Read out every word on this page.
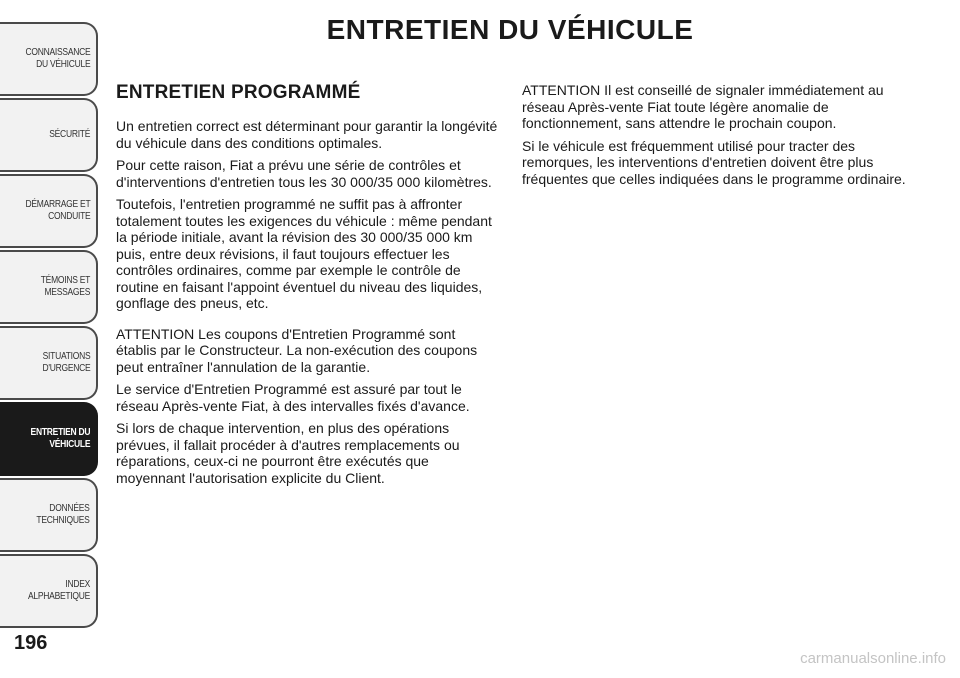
CONNAISSANCE
DU VÉHICULE
SÉCURITÉ
DÉMARRAGE ET
CONDUITE
TÉMOINS ET
MESSAGES
SITUATIONS
D'URGENCE
ENTRETIEN DU
VÉHICULE
DONNÉES
TECHNIQUES
INDEX
ALPHABETIQUE
196
ENTRETIEN DU VÉHICULE
ENTRETIEN PROGRAMMÉ

Un entretien correct est déterminant pour garantir la longévité du véhicule dans des conditions optimales.

Pour cette raison, Fiat a prévu une série de contrôles et d'interventions d'entretien tous les 30 000/35 000 kilomètres.

Toutefois, l'entretien programmé ne suffit pas à affronter totalement toutes les exigences du véhicule : même pendant la période initiale, avant la révision des 30 000/35 000 km puis, entre deux révisions, il faut toujours effectuer les contrôles ordinaires, comme par exemple le contrôle de routine en faisant l'appoint éventuel du niveau des liquides, gonflage des pneus, etc.

ATTENTION Les coupons d'Entretien Programmé sont établis par le Constructeur. La non-exécution des coupons peut entraîner l'annulation de la garantie.

Le service d'Entretien Programmé est assuré par tout le réseau Après-vente Fiat, à des intervalles fixés d'avance.

Si lors de chaque intervention, en plus des opérations prévues, il fallait procéder à d'autres remplacements ou réparations, ceux-ci ne pourront être exécutés que moyennant l'autorisation explicite du Client.

ATTENTION Il est conseillé de signaler immédiatement au réseau Après-vente Fiat toute légère anomalie de fonctionnement, sans attendre le prochain coupon.

Si le véhicule est fréquemment utilisé pour tracter des remorques, les interventions d'entretien doivent être plus fréquentes que celles indiquées dans le programme ordinaire.

carmanualsonline.info
